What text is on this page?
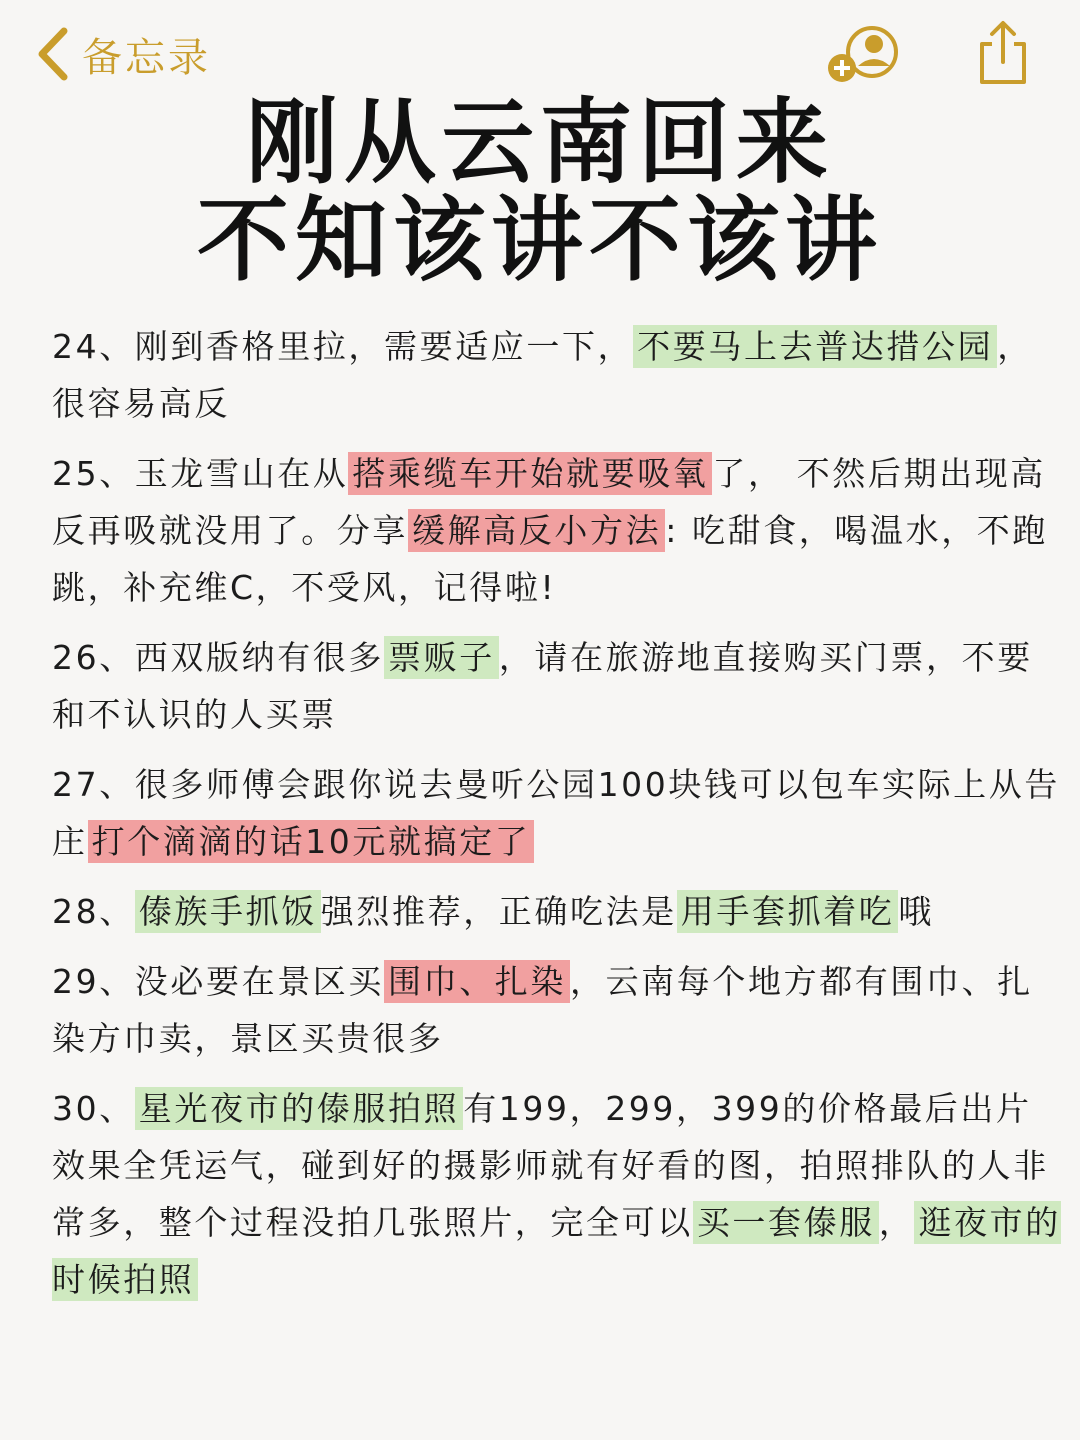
备忘录
刚从云南回来
不知该讲不该讲
24、刚到香格里拉，需要适应一下， 不要马上去普达措公园 ，很容易高反
25、玉龙雪山在从 搭乘缆车开始就要吸氧 了， 不然后期出现高反再吸就没用了。分享 缓解高反小方法 : 吃甜食，喝温水，不跑跳，补充维C，不受风，记得啦!
26、西双版纳有很多 票贩子 ，请在旅游地直接购买门票，不要和不认识的人买票
27、很多师傅会跟你说去曼听公园100块钱可以包车实际上从告庄 打个滴滴的话10元就搞定了
28、 傣族手抓饭 强烈推荐，正确吃法是 用手套抓着吃 哦
29、没必要在景区买 围巾、扎染 ，云南每个地方都有围巾、扎染方巾卖，景区买贵很多
30、 星光夜市的傣服拍照 有199，299，399的价格最后出片效果全凭运气，碰到好的摄影师就有好看的图，拍照排队的人非常多，整个过程没拍几张照片，完全可以 买一套傣服 ， 逛夜市的时候拍照
